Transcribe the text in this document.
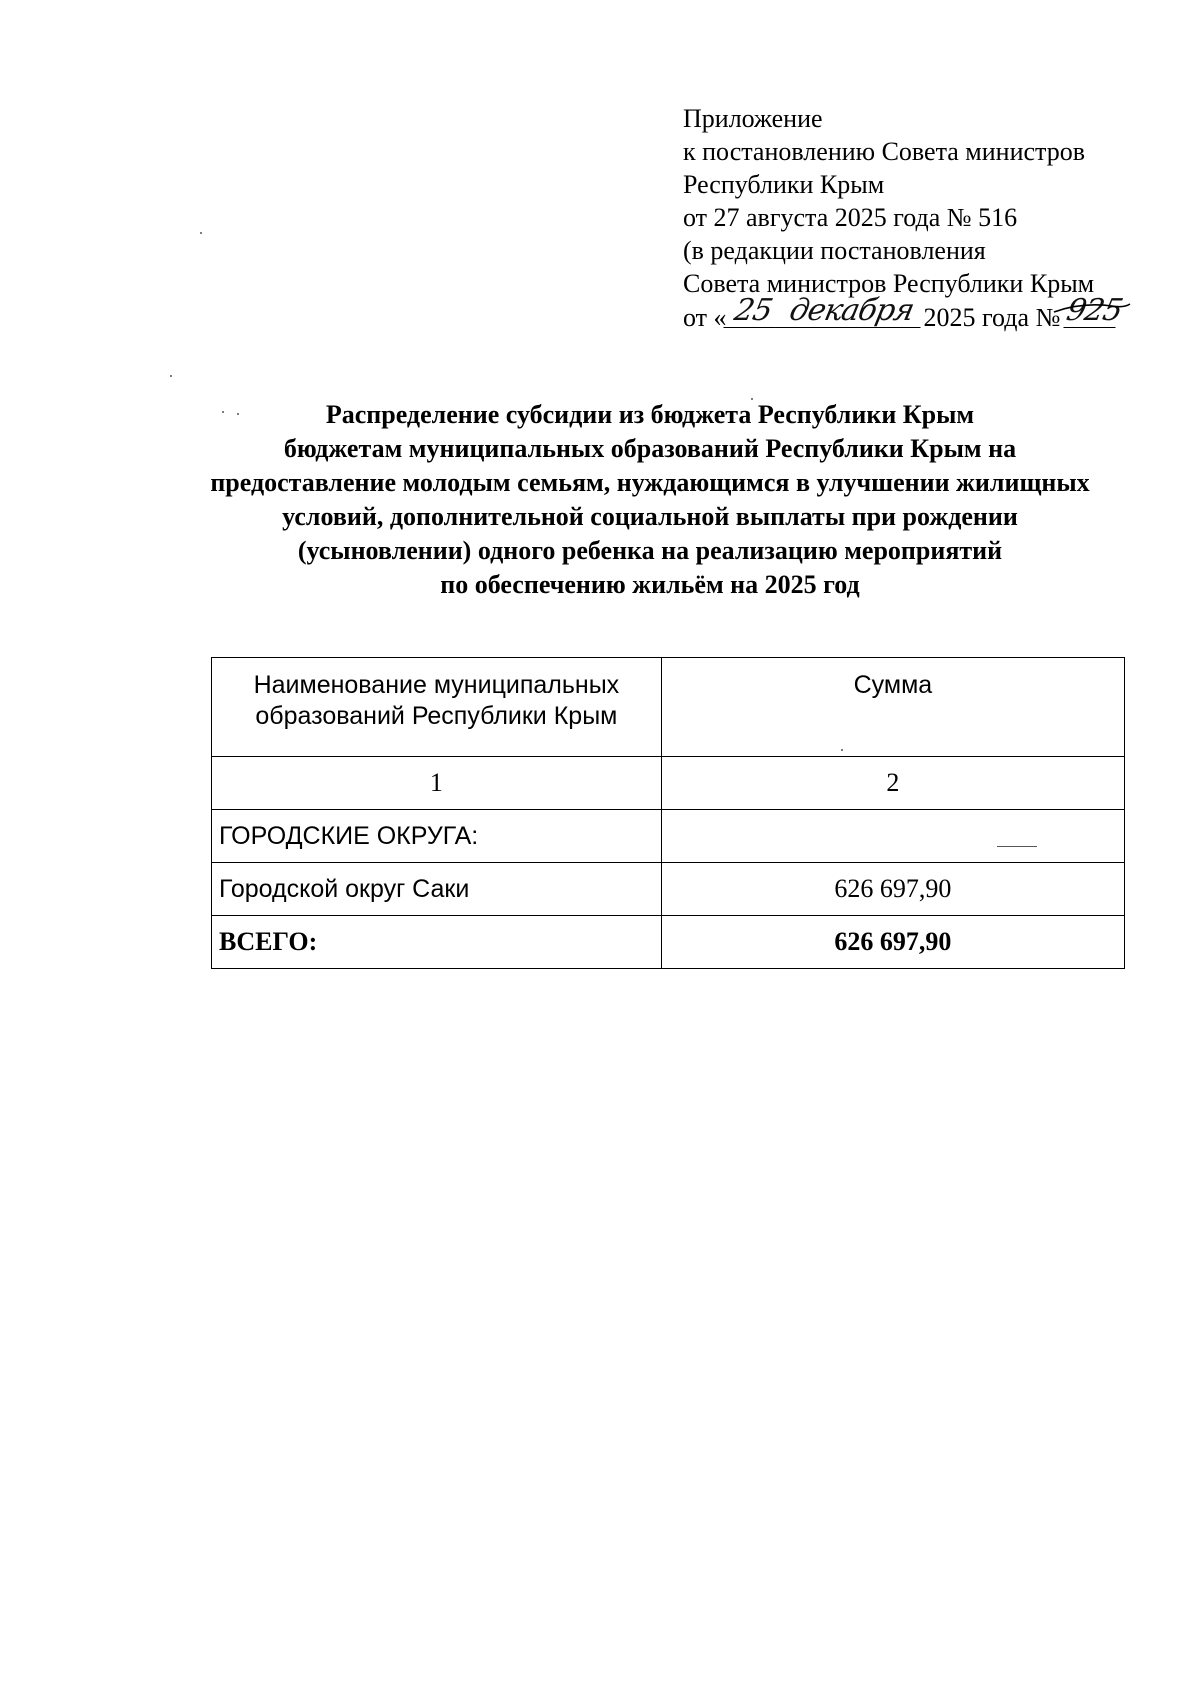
Приложение
к постановлению Совета министров
Республики Крым
от 27 августа 2025 года № 516
(в редакции постановления
Совета министров Республики Крым
от « 25 декабря 2025 года № 925
Распределение субсидии из бюджета Республики Крым
бюджетам муниципальных образований Республики Крым на
предоставление молодым семьям, нуждающимся в улучшении жилищных
условий, дополнительной социальной выплаты при рождении
(усыновлении) одного ребенка на реализацию мероприятий
по обеспечению жильём на 2025 год
Наименование муниципальных
образований Республики Крым	Сумма
1	2
ГОРОДСКИЕ ОКРУГА:	
Городской округ Саки	626 697,90
ВСЕГО:	626 697,90
